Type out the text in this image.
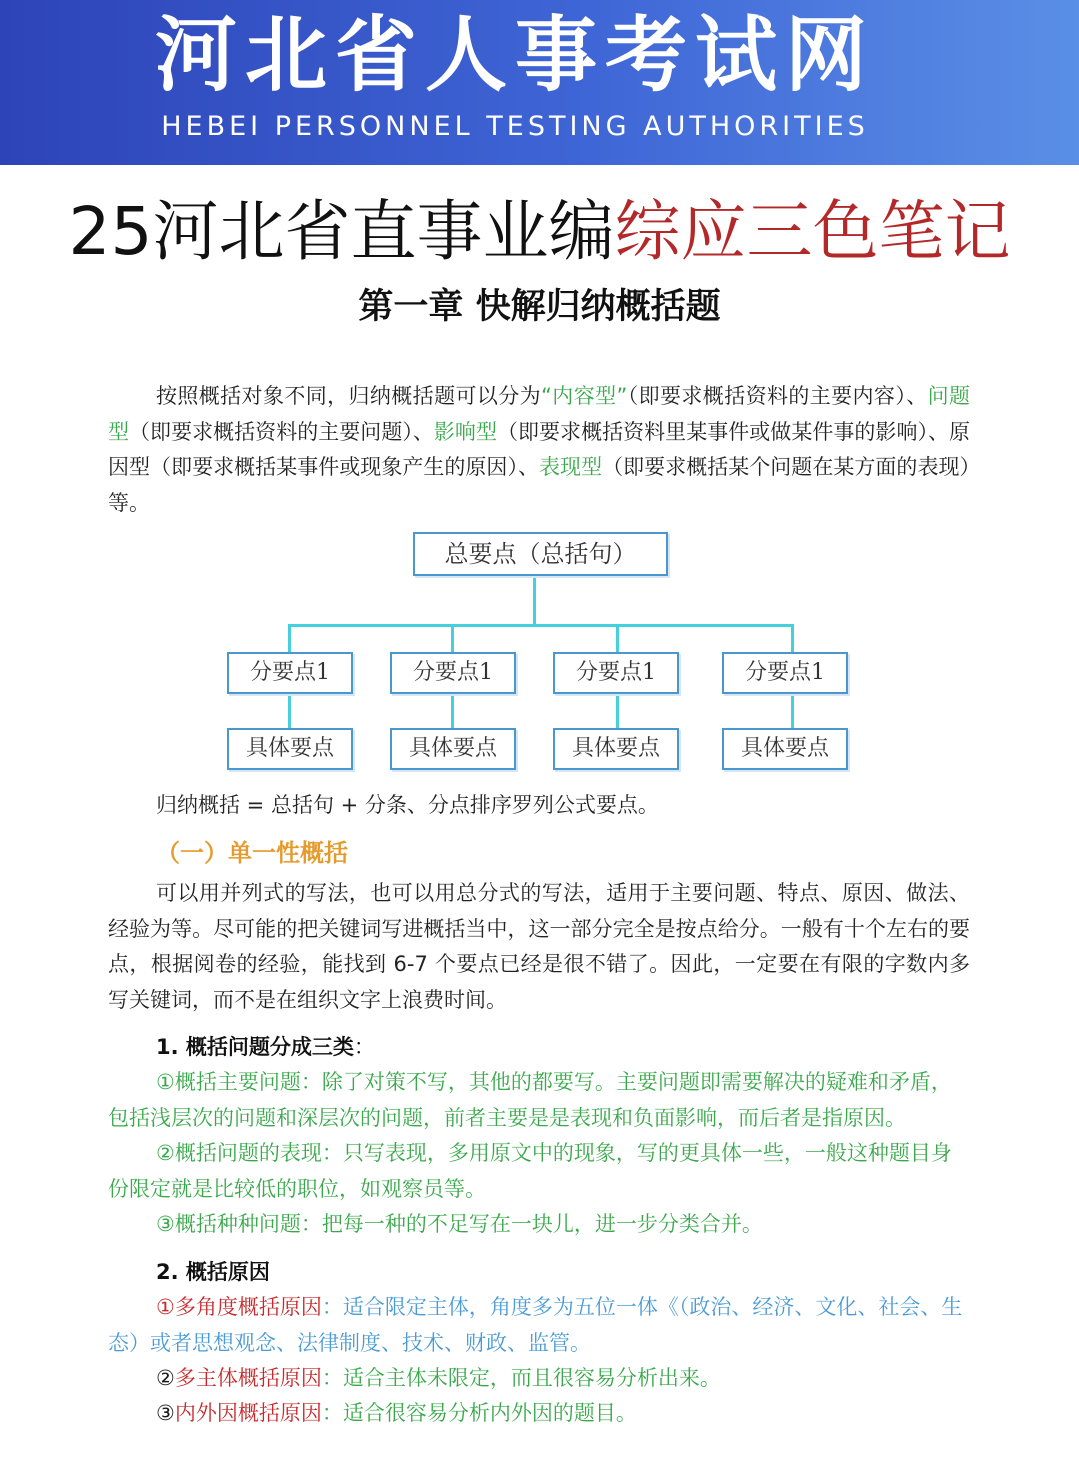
河北省人事考试网
HEBEI PERSONNEL TESTING AUTHORITIES
25河北省直事业编综应三色笔记
第一章 快解归纳概括题
按照概括对象不同，归纳概括题可以分为“内容型”（即要求概括资料的主要内容）、问题型（即要求概括资料的主要问题）、影响型（即要求概括资料里某事件或做某件事的影响）、原因型（即要求概括某事件或现象产生的原因）、表现型（即要求概括某个问题在某方面的表现）等。
总要点（总括句）
分要点1	分要点1	分要点1	分要点1
具体要点	具体要点	具体要点	具体要点
归纳概括 = 总括句 + 分条、分点排序罗列公式要点。
（一）单一性概括
可以用并列式的写法，也可以用总分式的写法，适用于主要问题、特点、原因、做法、经验为等。尽可能的把关键词写进概括当中，这一部分完全是按点给分。一般有十个左右的要点，根据阅卷的经验，能找到 6-7 个要点已经是很不错了。因此，一定要在有限的字数内多写关键词，而不是在组织文字上浪费时间。
1. 概括问题分成三类：
①概括主要问题：除了对策不写，其他的都要写。主要问题即需要解决的疑难和矛盾，包括浅层次的问题和深层次的问题，前者主要是是表现和负面影响，而后者是指原因。
②概括问题的表现：只写表现，多用原文中的现象，写的更具体一些，一般这种题目身份限定就是比较低的职位，如观察员等。
③概括种种问题：把每一种的不足写在一块儿，进一步分类合并。
2. 概括原因
①多角度概括原因：适合限定主体，角度多为五位一体《（政治、经济、文化、社会、生态）或者思想观念、法律制度、技术、财政、监管。
②多主体概括原因：适合主体未限定，而且很容易分析出来。
③内外因概括原因：适合很容易分析内外因的题目。
